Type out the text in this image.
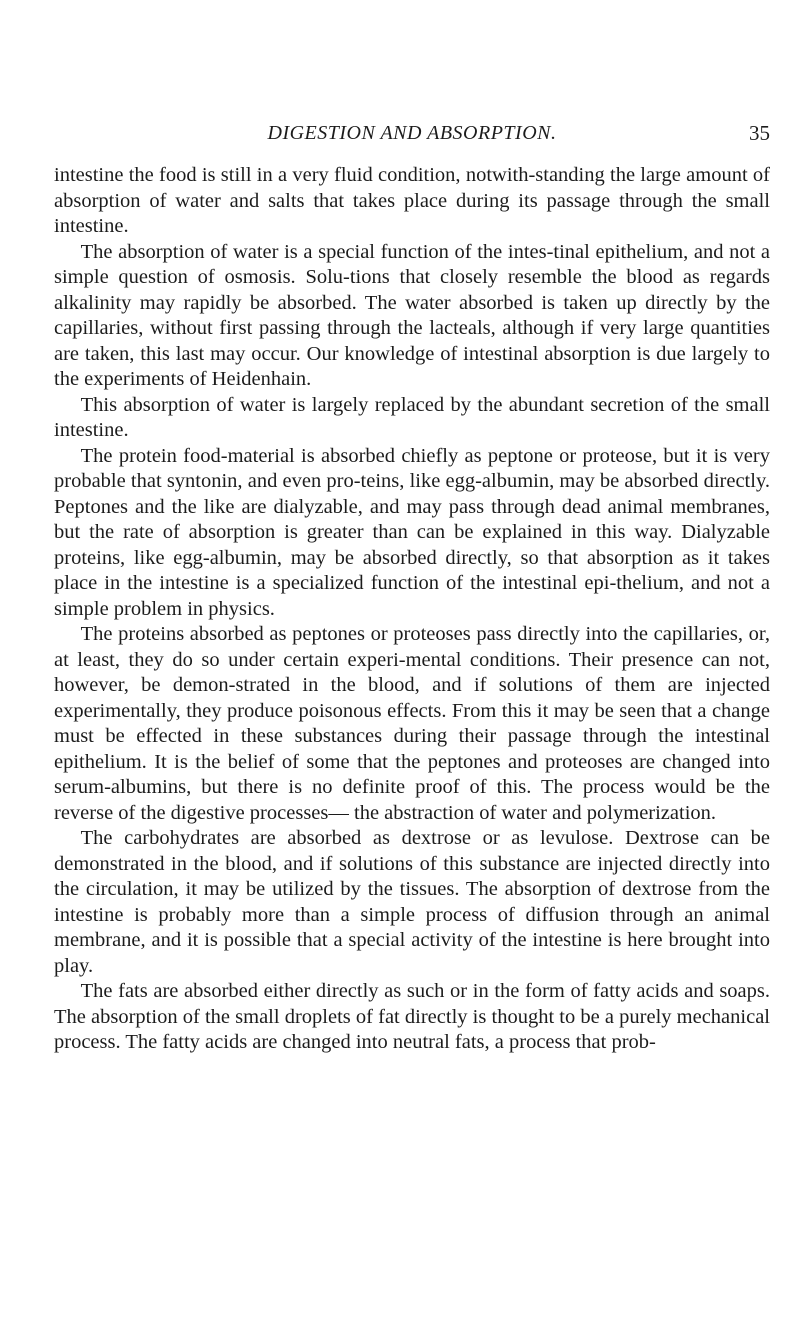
DIGESTION AND ABSORPTION.	35

intestine the food is still in a very fluid condition, notwith-standing the large amount of absorption of water and salts that takes place during its passage through the small intestine.

The absorption of water is a special function of the intes-tinal epithelium, and not a simple question of osmosis. Solu-tions that closely resemble the blood as regards alkalinity may rapidly be absorbed. The water absorbed is taken up directly by the capillaries, without first passing through the lacteals, although if very large quantities are taken, this last may occur. Our knowledge of intestinal absorption is due largely to the experiments of Heidenhain.

This absorption of water is largely replaced by the abundant secretion of the small intestine.

The protein food-material is absorbed chiefly as peptone or proteose, but it is very probable that syntonin, and even pro-teins, like egg-albumin, may be absorbed directly. Peptones and the like are dialyzable, and may pass through dead animal membranes, but the rate of absorption is greater than can be explained in this way. Dialyzable proteins, like egg-albumin, may be absorbed directly, so that absorption as it takes place in the intestine is a specialized function of the intestinal epi-thelium, and not a simple problem in physics.

The proteins absorbed as peptones or proteoses pass directly into the capillaries, or, at least, they do so under certain experi-mental conditions. Their presence can not, however, be demon-strated in the blood, and if solutions of them are injected experimentally, they produce poisonous effects. From this it may be seen that a change must be effected in these substances during their passage through the intestinal epithelium. It is the belief of some that the peptones and proteoses are changed into serum-albumins, but there is no definite proof of this. The process would be the reverse of the digestive processes— the abstraction of water and polymerization.

The carbohydrates are absorbed as dextrose or as levulose. Dextrose can be demonstrated in the blood, and if solutions of this substance are injected directly into the circulation, it may be utilized by the tissues. The absorption of dextrose from the intestine is probably more than a simple process of diffusion through an animal membrane, and it is possible that a special activity of the intestine is here brought into play.

The fats are absorbed either directly as such or in the form of fatty acids and soaps. The absorption of the small droplets of fat directly is thought to be a purely mechanical process. The fatty acids are changed into neutral fats, a process that prob-
